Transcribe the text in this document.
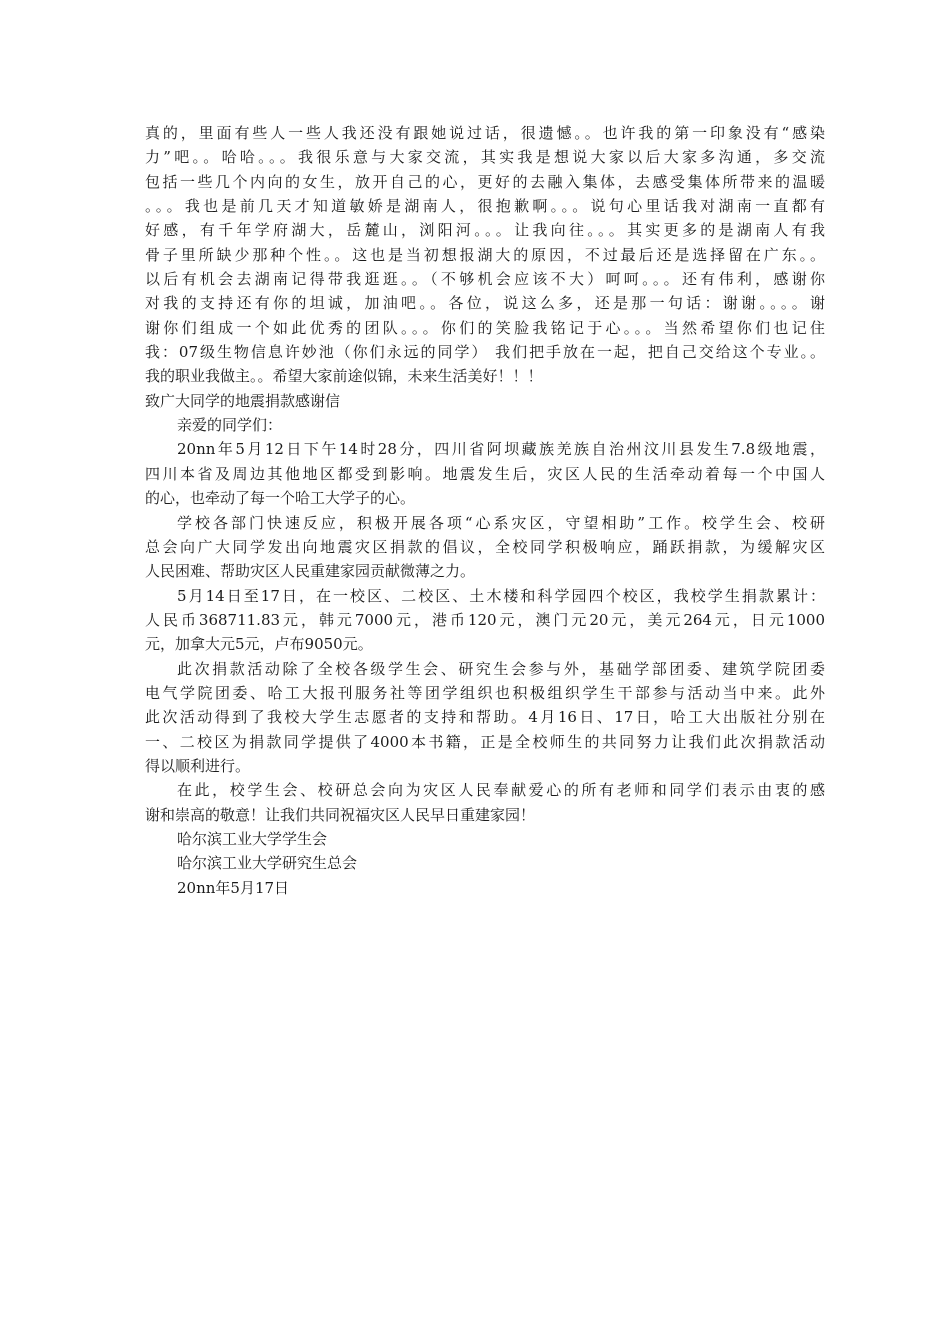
真的，里面有些人一些人我还没有跟她说过话，很遗憾。。也许我的第一印象没有“感染
力”吧。。哈哈。。。我很乐意与大家交流，其实我是想说大家以后大家多沟通，多交流
包括一些几个内向的女生，放开自己的心，更好的去融入集体，去感受集体所带来的温暖
。。。我也是前几天才知道敏娇是湖南人，很抱歉啊。。。说句心里话我对湖南一直都有
好感，有千年学府湖大，岳麓山，浏阳河。。。让我向往。。。其实更多的是湖南人有我
骨子里所缺少那种个性。。这也是当初想报湖大的原因，不过最后还是选择留在广东。。
以后有机会去湖南记得带我逛逛。。（不够机会应该不大）呵呵。。。还有伟利，感谢你
对我的支持还有你的坦诚，加油吧。。各位，说这么多，还是那一句话：谢谢。。。。谢
谢你们组成一个如此优秀的团队。。。你们的笑脸我铭记于心。。。当然希望你们也记住
我：07级生物信息许妙池（你们永远的同学） 我们把手放在一起，把自己交给这个专业。。
我的职业我做主。。希望大家前途似锦，未来生活美好！！！
致广大同学的地震捐款感谢信
亲爱的同学们：
20nn年5月12日下午14时28分，四川省阿坝藏族羌族自治州汶川县发生7.8级地震，
四川本省及周边其他地区都受到影响。地震发生后，灾区人民的生活牵动着每一个中国人
的心，也牵动了每一个哈工大学子的心。
学校各部门快速反应，积极开展各项“心系灾区，守望相助”工作。校学生会、校研
总会向广大同学发出向地震灾区捐款的倡议，全校同学积极响应，踊跃捐款，为缓解灾区
人民困难、帮助灾区人民重建家园贡献微薄之力。
5月14日至17日，在一校区、二校区、土木楼和科学园四个校区，我校学生捐款累计：
人民币368711.83元，韩元7000元，港币120元，澳门元20元，美元264元，日元1000
元，加拿大元5元，卢布9050元。
此次捐款活动除了全校各级学生会、研究生会参与外，基础学部团委、建筑学院团委
电气学院团委、哈工大报刊服务社等团学组织也积极组织学生干部参与活动当中来。此外
此次活动得到了我校大学生志愿者的支持和帮助。4月16日、17日，哈工大出版社分别在
一、二校区为捐款同学提供了4000本书籍，正是全校师生的共同努力让我们此次捐款活动
得以顺利进行。
在此，校学生会、校研总会向为灾区人民奉献爱心的所有老师和同学们表示由衷的感
谢和崇高的敬意！让我们共同祝福灾区人民早日重建家园！
哈尔滨工业大学学生会
哈尔滨工业大学研究生总会
20nn年5月17日
